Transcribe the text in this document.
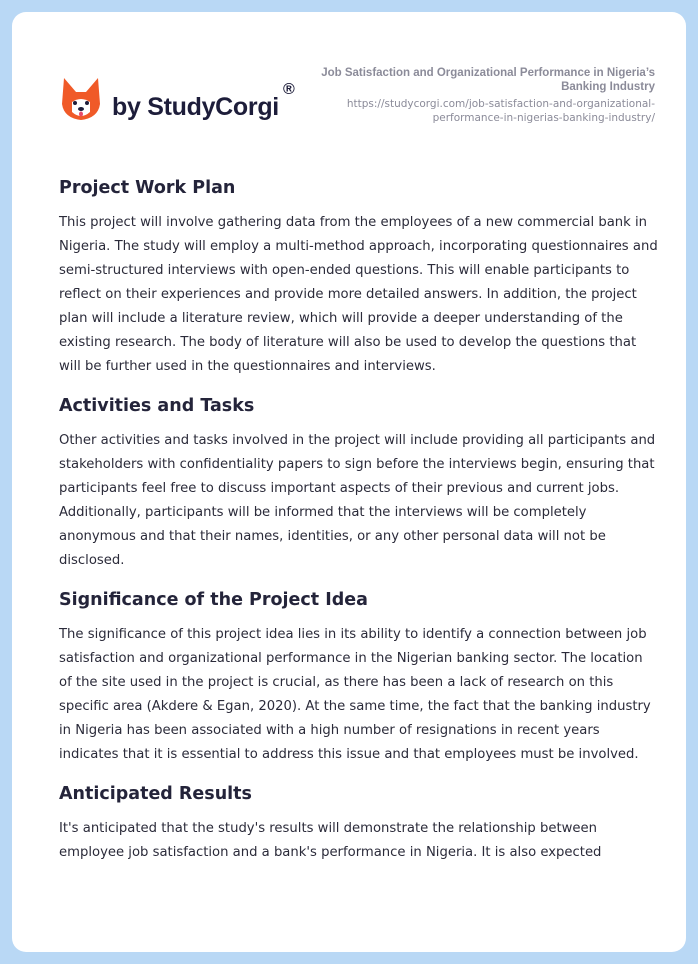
by StudyCorgi®
Job Satisfaction and Organizational Performance in Nigeria’s Banking Industry
https://studycorgi.com/job-satisfaction-and-organizational-performance-in-nigerias-banking-industry/
Project Work Plan

This project will involve gathering data from the employees of a new commercial bank in Nigeria. The study will employ a multi-method approach, incorporating questionnaires and semi-structured interviews with open-ended questions. This will enable participants to reflect on their experiences and provide more detailed answers. In addition, the project plan will include a literature review, which will provide a deeper understanding of the existing research. The body of literature will also be used to develop the questions that will be further used in the questionnaires and interviews.

Activities and Tasks

Other activities and tasks involved in the project will include providing all participants and stakeholders with confidentiality papers to sign before the interviews begin, ensuring that participants feel free to discuss important aspects of their previous and current jobs. Additionally, participants will be informed that the interviews will be completely anonymous and that their names, identities, or any other personal data will not be disclosed.

Significance of the Project Idea

The significance of this project idea lies in its ability to identify a connection between job satisfaction and organizational performance in the Nigerian banking sector. The location of the site used in the project is crucial, as there has been a lack of research on this specific area (Akdere & Egan, 2020). At the same time, the fact that the banking industry in Nigeria has been associated with a high number of resignations in recent years indicates that it is essential to address this issue and that employees must be involved.

Anticipated Results

It's anticipated that the study's results will demonstrate the relationship between employee job satisfaction and a bank's performance in Nigeria. It is also expected
